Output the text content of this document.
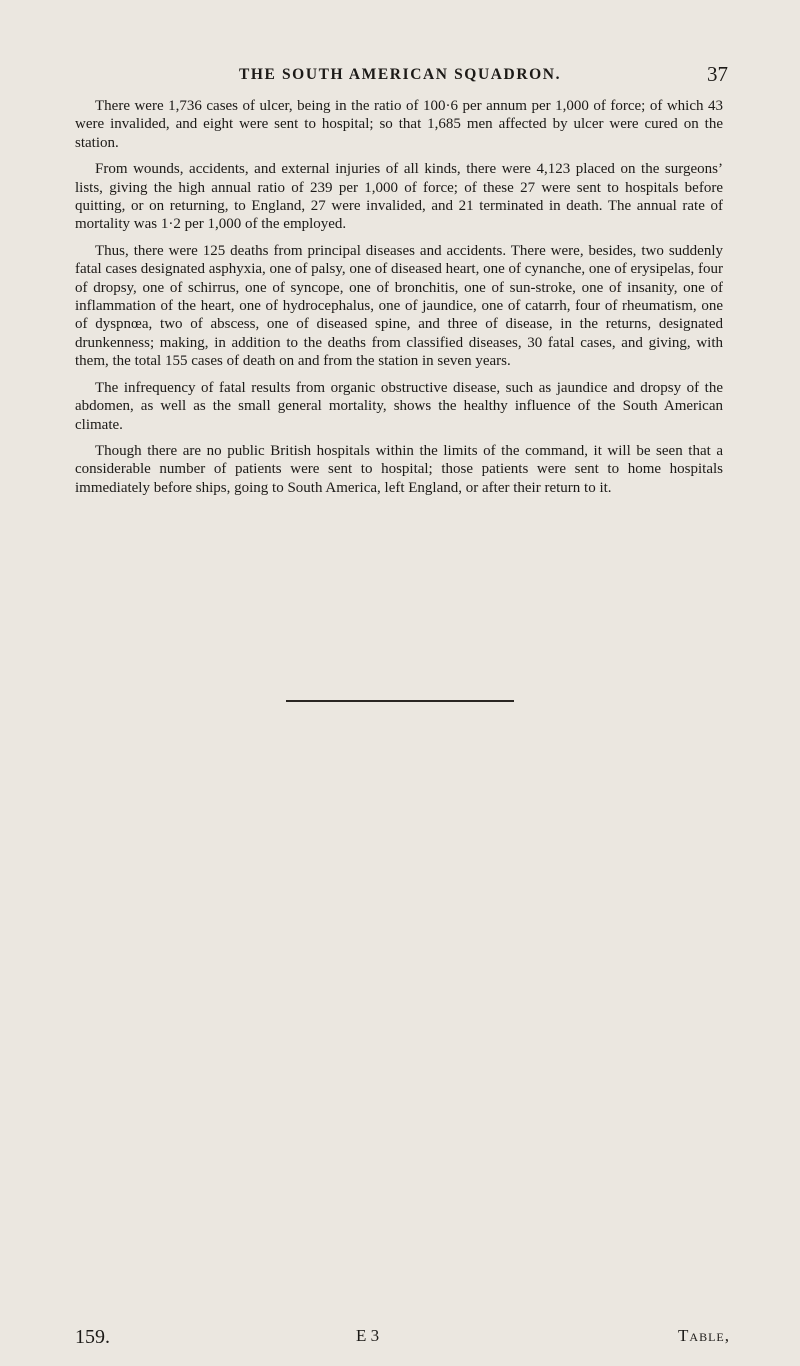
THE SOUTH AMERICAN SQUADRON.	37

There were 1,736 cases of ulcer, being in the ratio of 100·6 per annum per 1,000 of force; of which 43 were invalided, and eight were sent to hospital; so that 1,685 men affected by ulcer were cured on the station.

From wounds, accidents, and external injuries of all kinds, there were 4,123 placed on the surgeons’ lists, giving the high annual ratio of 239 per 1,000 of force; of these 27 were sent to hospitals before quitting, or on returning, to England, 27 were invalided, and 21 terminated in death. The annual rate of mortality was 1·2 per 1,000 of the employed.

Thus, there were 125 deaths from principal diseases and accidents. There were, besides, two suddenly fatal cases designated asphyxia, one of palsy, one of diseased heart, one of cynanche, one of erysipelas, four of dropsy, one of schirrus, one of syncope, one of bronchitis, one of sun-stroke, one of insanity, one of inflammation of the heart, one of hydrocephalus, one of jaundice, one of catarrh, four of rheumatism, one of dyspnœa, two of abscess, one of diseased spine, and three of disease, in the returns, designated drunkenness; making, in addition to the deaths from classified diseases, 30 fatal cases, and giving, with them, the total 155 cases of death on and from the station in seven years.

The infrequency of fatal results from organic obstructive disease, such as jaundice and dropsy of the abdomen, as well as the small general mortality, shows the healthy influence of the South American climate.

Though there are no public British hospitals within the limits of the command, it will be seen that a considerable number of patients were sent to hospital; those patients were sent to home hospitals immediately before ships, going to South America, left England, or after their return to it.

159.	E 3	Table,
